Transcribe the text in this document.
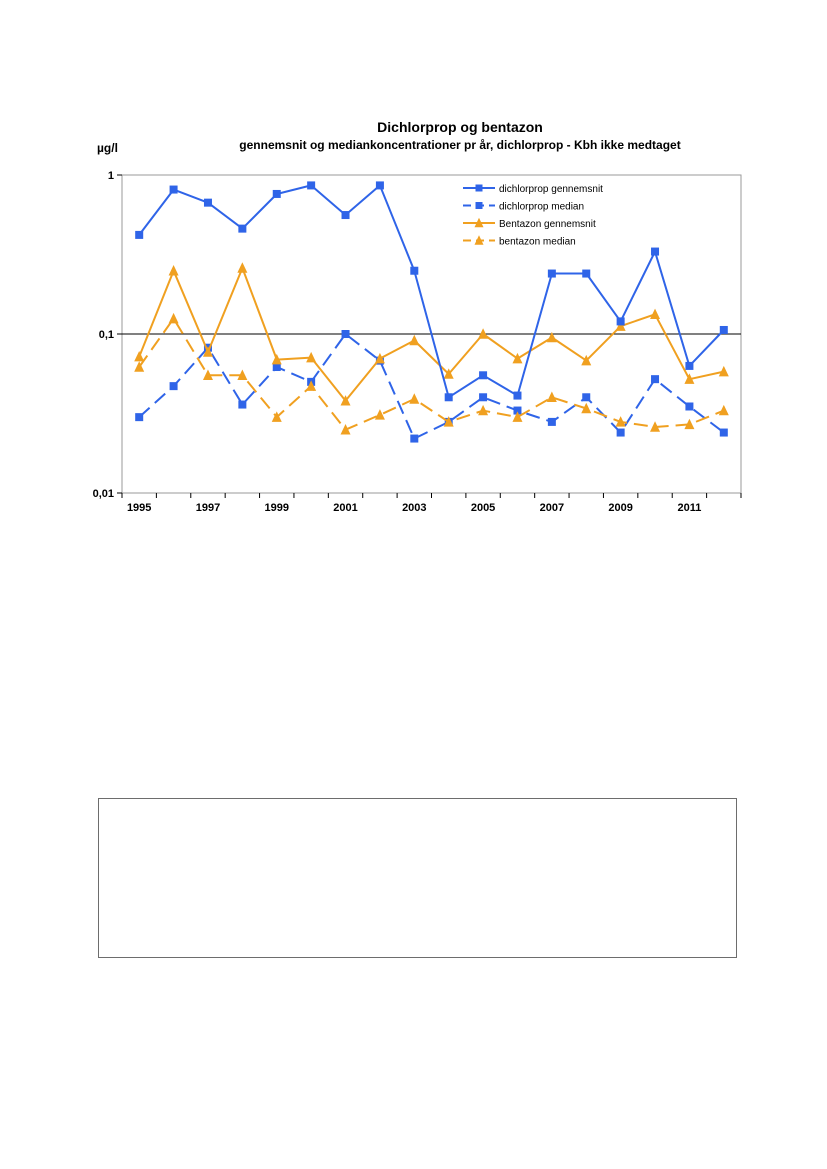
Dichlorprop og bentazon
gennemsnit og mediankoncentrationer pr år, dichlorprop - Kbh ikke medtaget
µg/l
1
0,1
0,01
1995	1997	1999	2001	2003	2005	2007	2009	2011
dichlorprop gennemsnit
dichlorprop median
Bentazon gennemsnit
bentazon median
